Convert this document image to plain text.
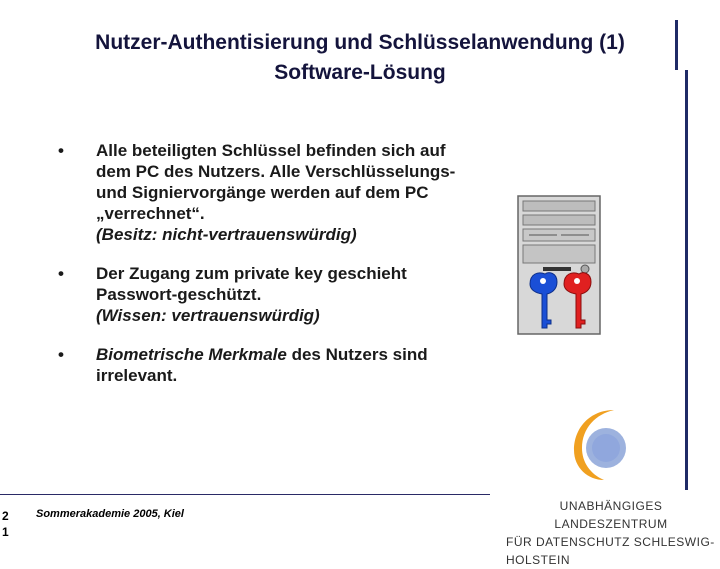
Nutzer-Authentisierung und Schlüsselanwendung (1)
Software-Lösung
• Alle beteiligten Schlüssel befinden sich auf dem PC des Nutzers. Alle Verschlüsselungs- und Signiervorgänge werden auf dem PC „verrechnet“.
(Besitz: nicht-vertrauenswürdig)
• Der Zugang zum private key geschieht Passwort-geschützt.
(Wissen: vertrauenswürdig)
• Biometrische Merkmale des Nutzers sind irrelevant.
2
1
Sommerakademie 2005, Kiel
UNABHÄNGIGES LANDESZENTRUM
FÜR DATENSCHUTZ SCHLESWIG-HOLSTEIN
